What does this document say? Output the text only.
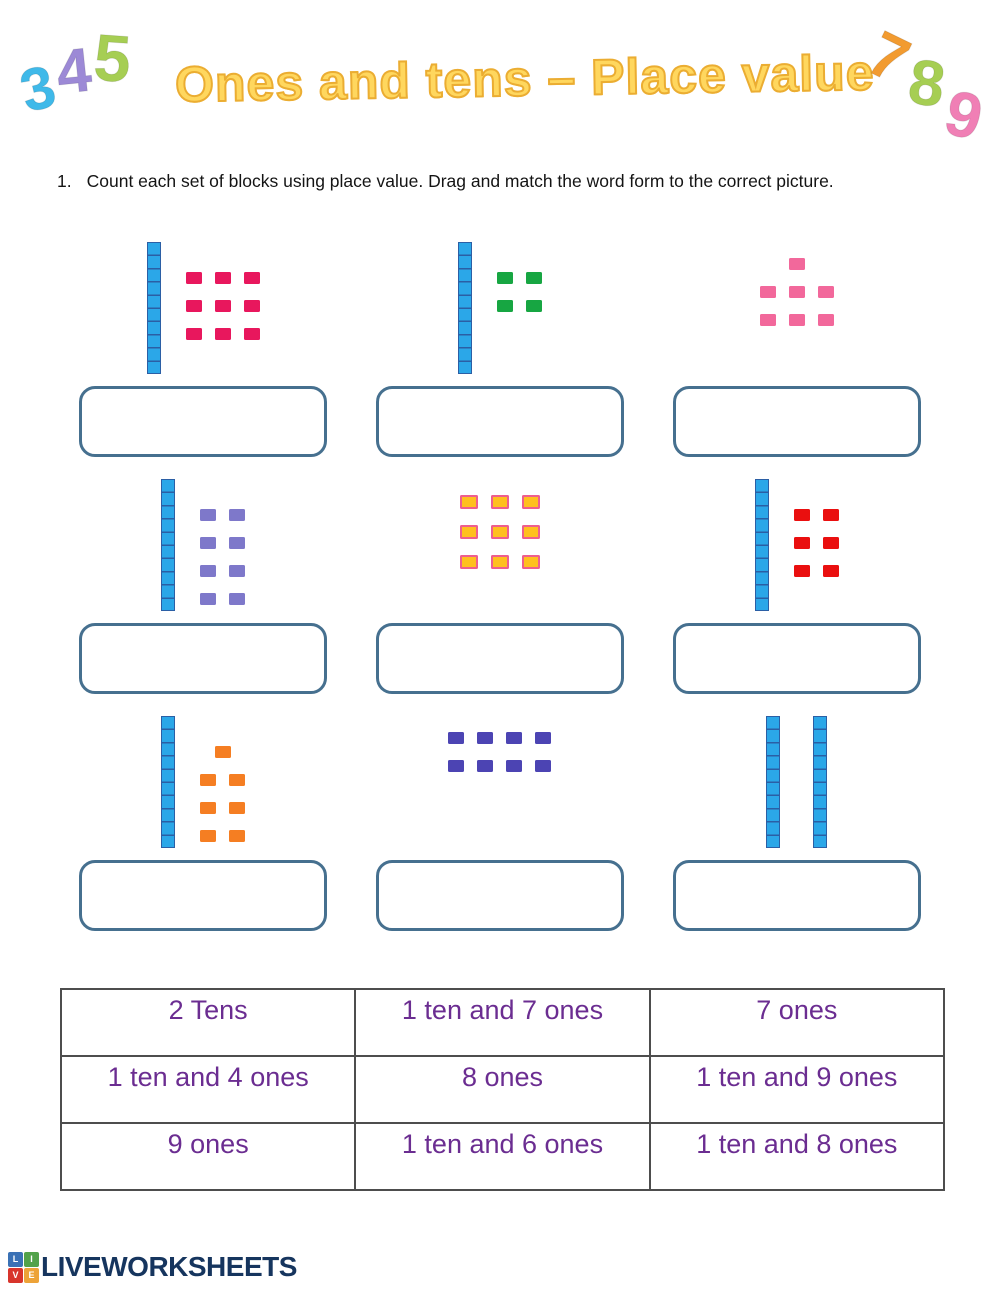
3
4
5 Ones and tens – Place value
7
8
9
1. Count each set of blocks using place value. Drag and match the word form to the correct picture.
2 Tens	1 ten and 7 ones	7 ones
1 ten and 4 ones	8 ones	1 ten and 9 ones
9 ones	1 ten and 6 ones	1 ten and 8 ones
L	I
V	E LIVEWORKSHEETS
